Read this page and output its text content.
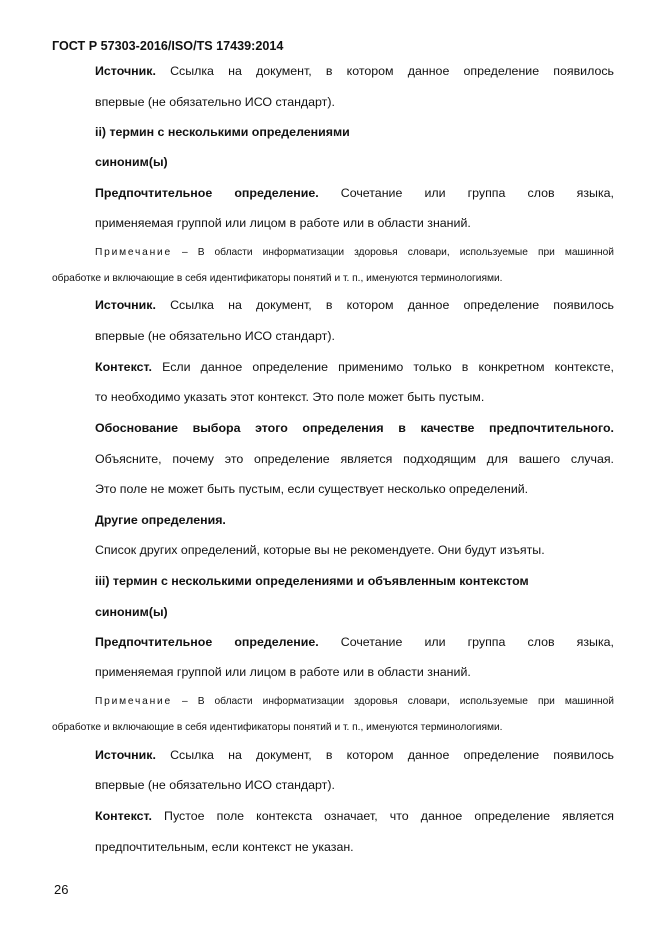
ГОСТ Р 57303-2016/ISO/TS 17439:2014
Источник. Ссылка на документ, в котором данное определение появилось
впервые (не обязательно ИСО стандарт).
ii) термин с несколькими определениями
синоним(ы)
Предпочтительное определение. Сочетание или группа слов языка,
применяемая группой или лицом в работе или в области знаний.
Примечание – В области информатизации здоровья словари, используемые при машинной
обработке и включающие в себя идентификаторы понятий и т. п., именуются терминологиями.
Источник. Ссылка на документ, в котором данное определение появилось
впервые (не обязательно ИСО стандарт).
Контекст. Если данное определение применимо только в конкретном контексте,
то необходимо указать этот контекст. Это поле может быть пустым.
Обоснование выбора этого определения в качестве предпочтительного.
Объясните, почему это определение является подходящим для вашего случая.
Это поле не может быть пустым, если существует несколько определений.
Другие определения.
Список других определений, которые вы не рекомендуете. Они будут изъяты.
iii) термин с несколькими определениями и объявленным контекстом
синоним(ы)
Предпочтительное определение. Сочетание или группа слов языка,
применяемая группой или лицом в работе или в области знаний.
Примечание – В области информатизации здоровья словари, используемые при машинной
обработке и включающие в себя идентификаторы понятий и т. п., именуются терминологиями.
Источник. Ссылка на документ, в котором данное определение появилось
впервые (не обязательно ИСО стандарт).
Контекст. Пустое поле контекста означает, что данное определение является
предпочтительным, если контекст не указан.
26
